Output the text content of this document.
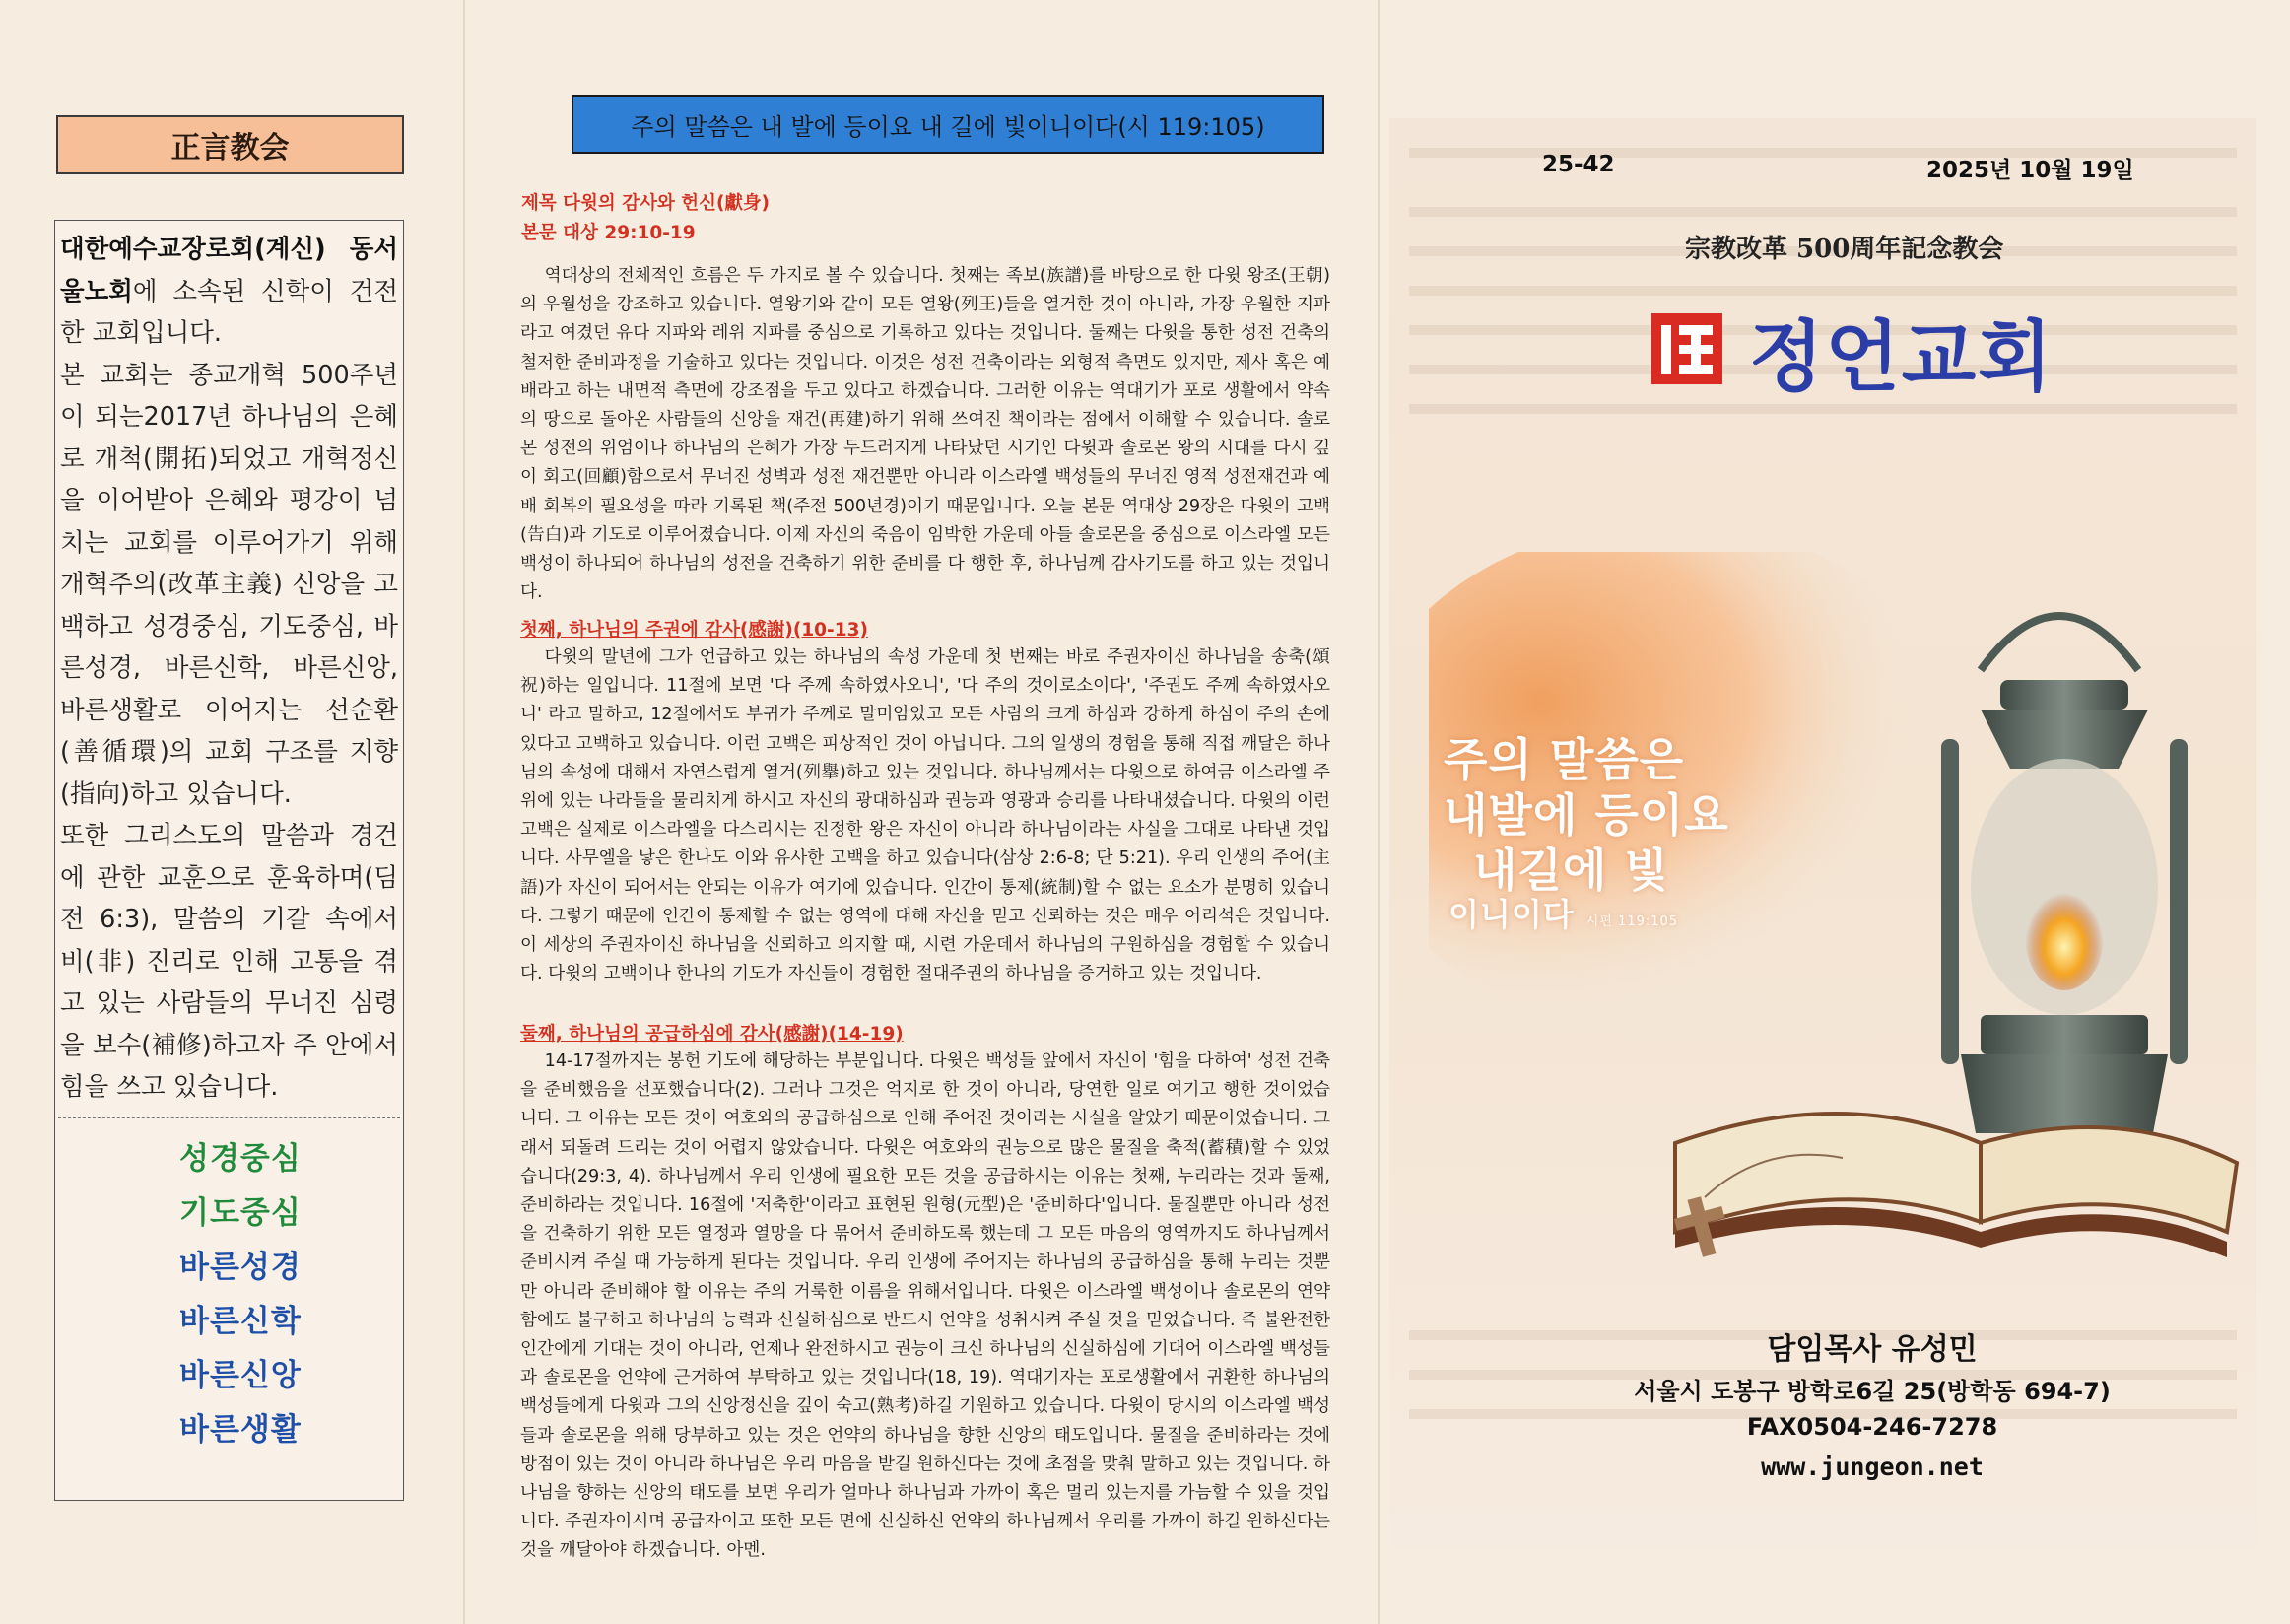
正言教会

대한예수교장로회(계신) 동서울노회에 소속된 신학이 건전한 교회입니다.

본 교회는 종교개혁 500주년이 되는2017년 하나님의 은혜로 개척(開拓)되었고 개혁정신을 이어받아 은혜와 평강이 넘치는 교회를 이루어가기 위해 개혁주의(改革主義) 신앙을 고백하고 성경중심, 기도중심, 바른성경, 바른신학, 바른신앙, 바른생활로 이어지는 선순환(善循環)의 교회 구조를 지향(指向)하고 있습니다.

또한 그리스도의 말씀과 경건에 관한 교훈으로 훈육하며(딤전 6:3), 말씀의 기갈 속에서 비(非) 진리로 인해 고통을 겪고 있는 사람들의 무너진 심령을 보수(補修)하고자 주 안에서 힘을 쓰고 있습니다.

성경중심
기도중심
바른성경
바른신학
바른신앙
바른생활
주의 말씀은 내 발에 등이요 내 길에 빛이니이다(시 119:105)
제목 다윗의 감사와 헌신(獻身)
본문 대상 29:10-19

역대상의 전체적인 흐름은 두 가지로 볼 수 있습니다. 첫째는 족보(族譜)를 바탕으로 한 다윗 왕조(王朝)의 우월성을 강조하고 있습니다. 열왕기와 같이 모든 열왕(列王)들을 열거한 것이 아니라, 가장 우월한 지파라고 여겼던 유다 지파와 레위 지파를 중심으로 기록하고 있다는 것입니다. 둘째는 다윗을 통한 성전 건축의 철저한 준비과정을 기술하고 있다는 것입니다. 이것은 성전 건축이라는 외형적 측면도 있지만, 제사 혹은 예배라고 하는 내면적 측면에 강조점을 두고 있다고 하겠습니다. 그러한 이유는 역대기가 포로 생활에서 약속의 땅으로 돌아온 사람들의 신앙을 재건(再建)하기 위해 쓰여진 책이라는 점에서 이해할 수 있습니다. 솔로몬 성전의 위엄이나 하나님의 은혜가 가장 두드러지게 나타났던 시기인 다윗과 솔로몬 왕의 시대를 다시 깊이 회고(回顧)함으로서 무너진 성벽과 성전 재건뿐만 아니라 이스라엘 백성들의 무너진 영적 성전재건과 예배 회복의 필요성을 따라 기록된 책(주전 500년경)이기 때문입니다. 오늘 본문 역대상 29장은 다윗의 고백(告白)과 기도로 이루어졌습니다. 이제 자신의 죽음이 임박한 가운데 아들 솔로몬을 중심으로 이스라엘 모든 백성이 하나되어 하나님의 성전을 건축하기 위한 준비를 다 행한 후, 하나님께 감사기도를 하고 있는 것입니다.

첫째, 하나님의 주권에 감사(感謝)(10-13)

다윗의 말년에 그가 언급하고 있는 하나님의 속성 가운데 첫 번째는 바로 주권자이신 하나님을 송축(頌祝)하는 일입니다. 11절에 보면 '다 주께 속하였사오니', '다 주의 것이로소이다', '주권도 주께 속하였사오니' 라고 말하고, 12절에서도 부귀가 주께로 말미암았고 모든 사람의 크게 하심과 강하게 하심이 주의 손에 있다고 고백하고 있습니다. 이런 고백은 피상적인 것이 아닙니다. 그의 일생의 경험을 통해 직접 깨달은 하나님의 속성에 대해서 자연스럽게 열거(列擧)하고 있는 것입니다. 하나님께서는 다윗으로 하여금 이스라엘 주위에 있는 나라들을 물리치게 하시고 자신의 광대하심과 권능과 영광과 승리를 나타내셨습니다. 다윗의 이런 고백은 실제로 이스라엘을 다스리시는 진정한 왕은 자신이 아니라 하나님이라는 사실을 그대로 나타낸 것입니다. 사무엘을 낳은 한나도 이와 유사한 고백을 하고 있습니다(삼상 2:6-8; 단 5:21). 우리 인생의 주어(主語)가 자신이 되어서는 안되는 이유가 여기에 있습니다. 인간이 통제(統制)할 수 없는 요소가 분명히 있습니다. 그렇기 때문에 인간이 통제할 수 없는 영역에 대해 자신을 믿고 신뢰하는 것은 매우 어리석은 것입니다. 이 세상의 주권자이신 하나님을 신뢰하고 의지할 때, 시련 가운데서 하나님의 구원하심을 경험할 수 있습니다. 다윗의 고백이나 한나의 기도가 자신들이 경험한 절대주권의 하나님을 증거하고 있는 것입니다.

둘째, 하나님의 공급하심에 감사(感謝)(14-19)

14-17절까지는 봉헌 기도에 해당하는 부분입니다. 다윗은 백성들 앞에서 자신이 '힘을 다하여' 성전 건축을 준비했음을 선포했습니다(2). 그러나 그것은 억지로 한 것이 아니라, 당연한 일로 여기고 행한 것이었습니다. 그 이유는 모든 것이 여호와의 공급하심으로 인해 주어진 것이라는 사실을 알았기 때문이었습니다. 그래서 되돌려 드리는 것이 어렵지 않았습니다. 다윗은 여호와의 권능으로 많은 물질을 축적(蓄積)할 수 있었습니다(29:3, 4). 하나님께서 우리 인생에 필요한 모든 것을 공급하시는 이유는 첫째, 누리라는 것과 둘째, 준비하라는 것입니다. 16절에 '저축한'이라고 표현된 원형(元型)은 '준비하다'입니다. 물질뿐만 아니라 성전을 건축하기 위한 모든 열정과 열망을 다 묶어서 준비하도록 했는데 그 모든 마음의 영역까지도 하나님께서 준비시켜 주실 때 가능하게 된다는 것입니다. 우리 인생에 주어지는 하나님의 공급하심을 통해 누리는 것뿐만 아니라 준비해야 할 이유는 주의 거룩한 이름을 위해서입니다. 다윗은 이스라엘 백성이나 솔로몬의 연약함에도 불구하고 하나님의 능력과 신실하심으로 반드시 언약을 성취시켜 주실 것을 믿었습니다. 즉 불완전한 인간에게 기대는 것이 아니라, 언제나 완전하시고 권능이 크신 하나님의 신실하심에 기대어 이스라엘 백성들과 솔로몬을 언약에 근거하여 부탁하고 있는 것입니다(18, 19). 역대기자는 포로생활에서 귀환한 하나님의 백성들에게 다윗과 그의 신앙정신을 깊이 숙고(熟考)하길 기원하고 있습니다. 다윗이 당시의 이스라엘 백성들과 솔로몬을 위해 당부하고 있는 것은 언약의 하나님을 향한 신앙의 태도입니다. 물질을 준비하라는 것에 방점이 있는 것이 아니라 하나님은 우리 마음을 받길 원하신다는 것에 초점을 맞춰 말하고 있는 것입니다. 하나님을 향하는 신앙의 태도를 보면 우리가 얼마나 하나님과 가까이 혹은 멀리 있는지를 가늠할 수 있을 것입니다. 주권자이시며 공급자이고 또한 모든 면에 신실하신 언약의 하나님께서 우리를 가까이 하길 원하신다는 것을 깨달아야 하겠습니다. 아멘.

25-42	2025년 10월 19일
宗教改革 500周年記念教会
정언교회
주의 말씀은
내발에 등이요
내길에 빛
이니이다 시편 119:105
담임목사 유성민
서울시 도봉구 방학로6길 25(방학동 694-7)
FAX0504-246-7278
www.jungeon.net
